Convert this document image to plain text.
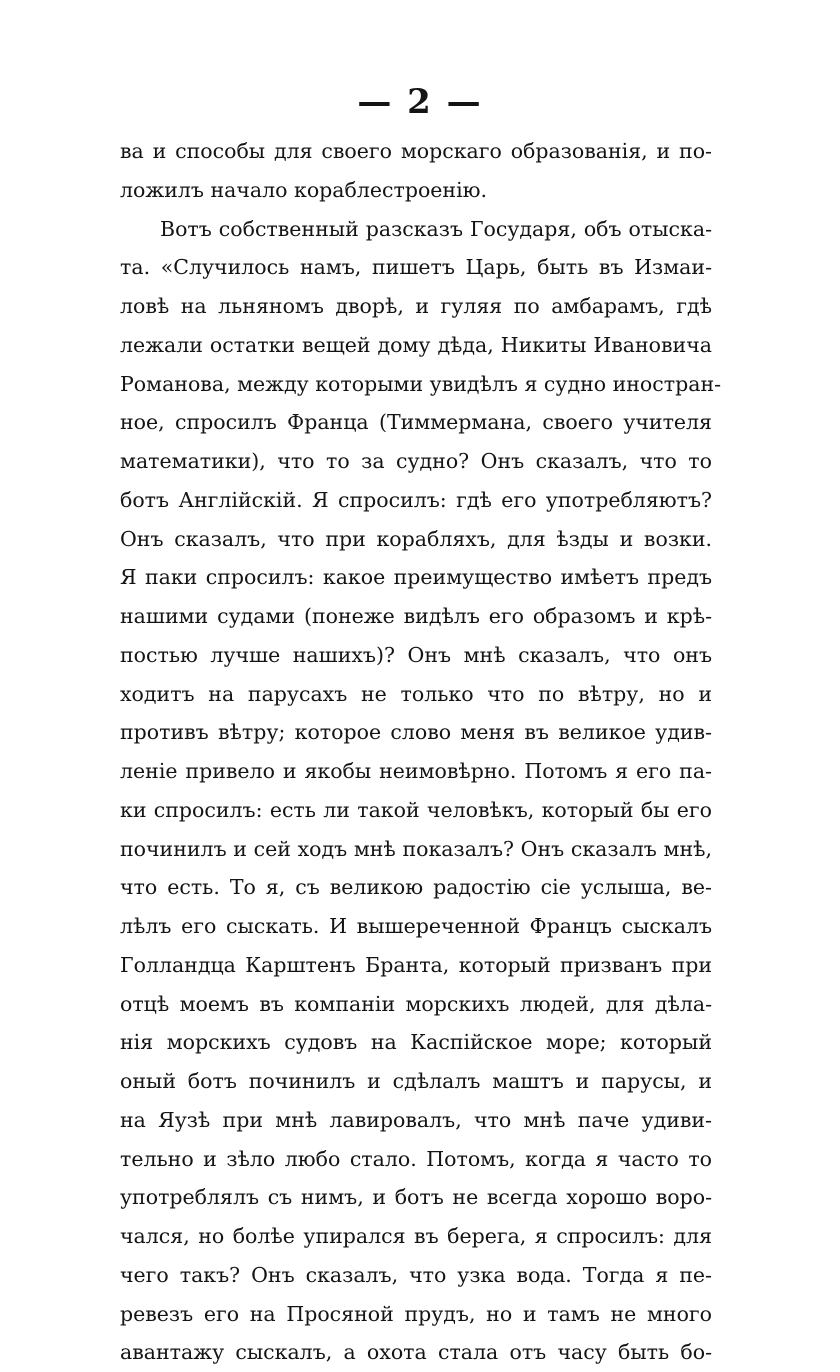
— 2 —
ва и способы для своего морскаго образованія, и по-
ложилъ начало кораблестроенію.
Вотъ собственный разсказъ Государя, объ отыска-
та. «Случилось намъ, пишетъ Царь, быть въ Измаи-
ловѣ на льняномъ дворѣ, и гуляя по амбарамъ, гдѣ
лежали остатки вещей дому дѣда, Никиты Ивановича
Романова, между которыми увидѣлъ я судно иностран-
ное, спросилъ Франца (Тиммермана, своего учителя
математики), что то за судно? Онъ сказалъ, что то
ботъ Англійскій. Я спросилъ: гдѣ его употребляютъ?
Онъ сказалъ, что при корабляхъ, для ѣзды и возки.
Я паки спросилъ: какое преимущество имѣетъ предъ
нашими судами (понеже видѣлъ его образомъ и крѣ-
постью лучше нашихъ)? Онъ мнѣ сказалъ, что онъ
ходитъ на парусахъ не только что по вѣтру, но и
противъ вѣтру; которое слово меня въ великое удив-
леніе привело и якобы неимовѣрно. Потомъ я его па-
ки спросилъ: есть ли такой человѣкъ, который бы его
починилъ и сей ходъ мнѣ показалъ? Онъ сказалъ мнѣ,
что есть. То я, съ великою радостію сіе услыша, ве-
лѣлъ его сыскать. И вышереченной Францъ сыскалъ
Голландца Карштенъ Бранта, который призванъ при
отцѣ моемъ въ компаніи морскихъ людей, для дѣла-
нія морскихъ судовъ на Каспійское море; который
оный ботъ починилъ и сдѣлалъ маштъ и парусы, и
на Яузѣ при мнѣ лавировалъ, что мнѣ паче удиви-
тельно и зѣло любо стало. Потомъ, когда я часто то
употреблялъ съ нимъ, и ботъ не всегда хорошо воро-
чался, но болѣе упирался въ берега, я спросилъ: для
чего такъ? Онъ сказалъ, что узка вода. Тогда я пе-
ревезъ его на Просяной прудъ, но и тамъ не много
авантажу сыскалъ, а охота стала отъ часу быть бо-
